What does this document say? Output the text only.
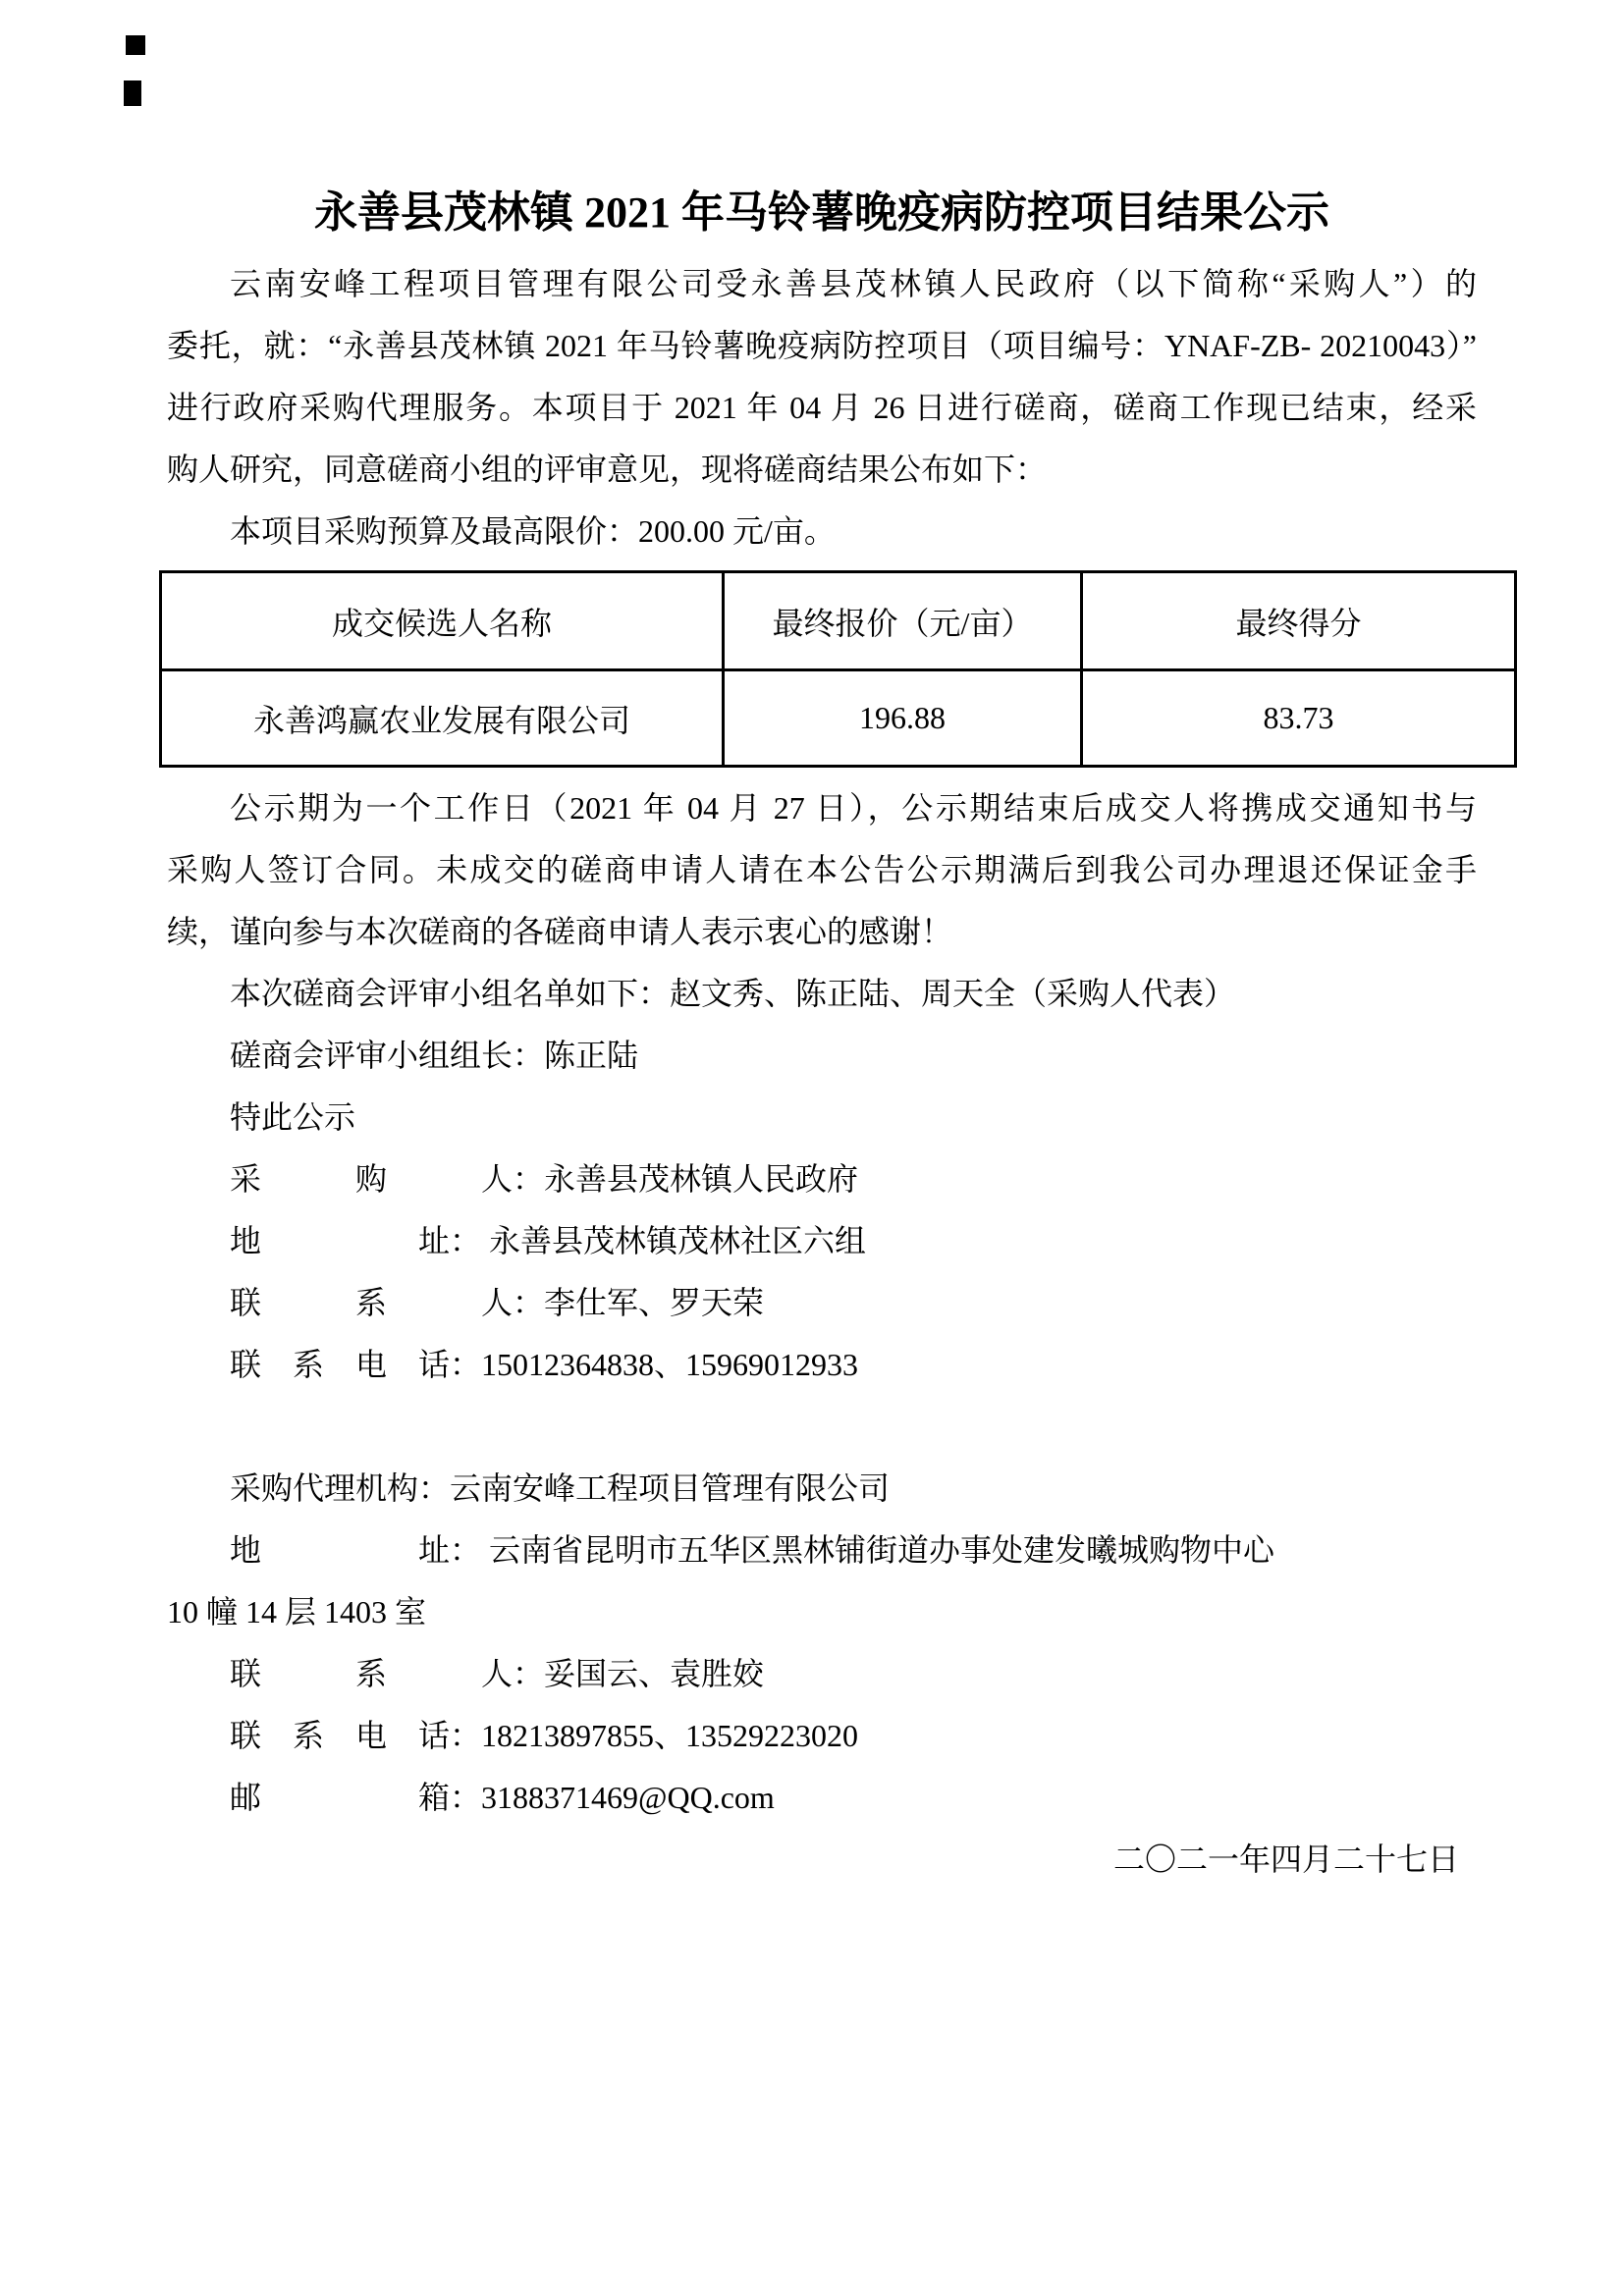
永善县茂林镇 2021 年马铃薯晚疫病防控项目结果公示
云南安峰工程项目管理有限公司受永善县茂林镇人民政府（以下简称“采购人”）的
委托，就：“永善县茂林镇 2021 年马铃薯晚疫病防控项目（项目编号：YNAF-ZB- 20210043）”
进行政府采购代理服务。本项目于 2021 年 04 月 26 日进行磋商，磋商工作现已结束，经采
购人研究，同意磋商小组的评审意见，现将磋商结果公布如下：
本项目采购预算及最高限价：200.00 元/亩。
成交候选人名称	最终报价（元/亩）	最终得分
永善鸿赢农业发展有限公司	196.88	83.73
公示期为一个工作日（2021 年 04 月 27 日），公示期结束后成交人将携成交通知书与
采购人签订合同。未成交的磋商申请人请在本公告公示期满后到我公司办理退还保证金手
续，谨向参与本次磋商的各磋商申请人表示衷心的感谢！
本次磋商会评审小组名单如下：赵文秀、陈正陆、周天全（采购人代表）
磋商会评审小组组长：陈正陆
特此公示
采　　　购　　　人：永善县茂林镇人民政府
地　　　　　址： 永善县茂林镇茂林社区六组
联　　　系　　　人：李仕军、罗天荣
联　系　电　话：15012364838、15969012933
采购代理机构：云南安峰工程项目管理有限公司
地　　　　　址： 云南省昆明市五华区黑林铺街道办事处建发曦城购物中心
10 幢 14 层 1403 室
联　　　系　　　人：妥国云、袁胜姣
联　系　电　话：18213897855、13529223020
邮　　　　　箱：3188371469@QQ.com
二〇二一年四月二十七日
